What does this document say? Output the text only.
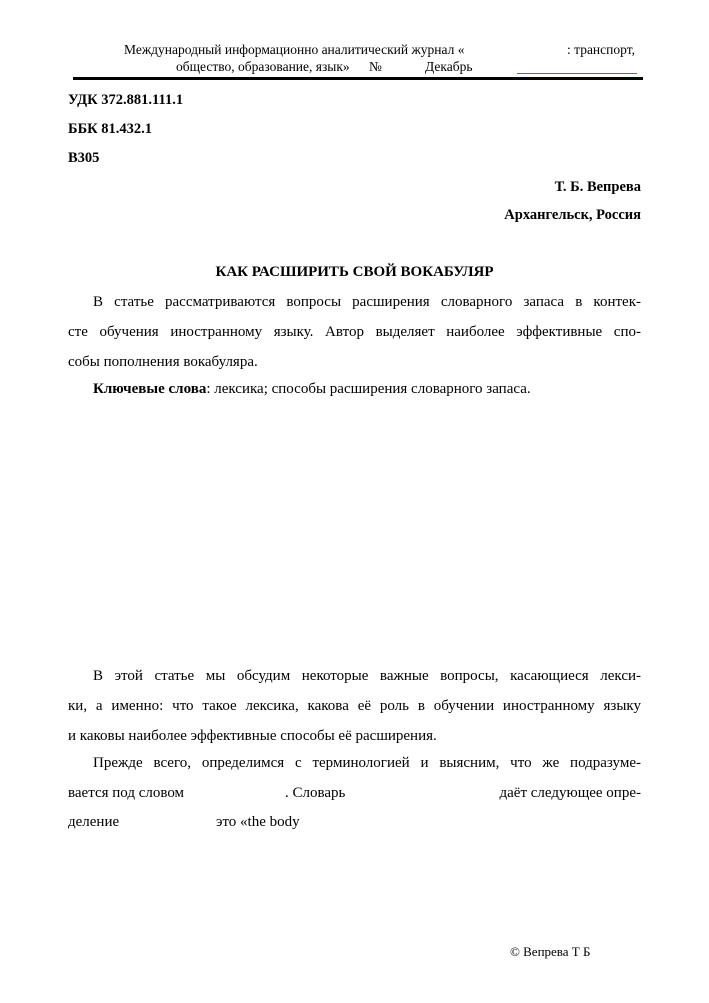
Международный информационно аналитический журнал «	: транспорт,
общество, образование, язык» №	Декабрь
УДК 372.881.111.1
ББК 81.432.1
В305
Т. Б. Вепрева
Архангельск, Россия
КАК РАСШИРИТЬ СВОЙ ВОКАБУЛЯР
В статье рассматриваются вопросы расширения словарного запаса в контек-
сте обучения иностранному языку. Автор выделяет наиболее эффективные спо-
собы пополнения вокабуляра.
Ключевые слова: лексика; способы расширения словарного запаса.
В этой статье мы обсудим некоторые важные вопросы, касающиеся лекси-
ки, а именно: что такое лексика, какова её роль в обучении иностранному языку
и каковы наиболее эффективные способы её расширения.
Прежде всего, определимся с терминологией и выясним, что же подразуме-
вается под словом	. Словарь	даёт следующее опре-
деление	это «the body
© Вепрева Т Б
